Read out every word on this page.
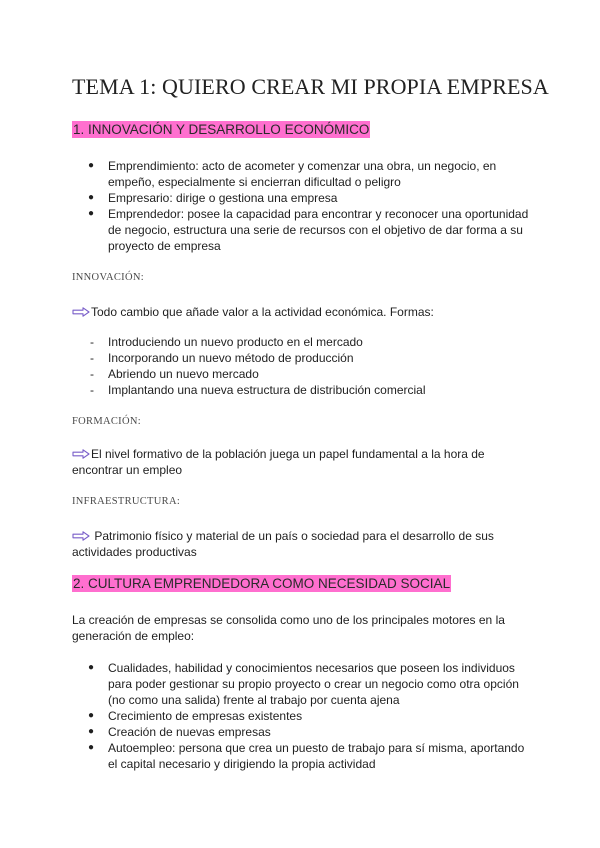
TEMA 1: QUIERO CREAR MI PROPIA EMPRESA
1. INNOVACIÓN Y DESARROLLO ECONÓMICO
● Emprendimiento: acto de acometer y comenzar una obra, un negocio, en empeño, especialmente si encierran dificultad o peligro
● Empresario: dirige o gestiona una empresa
● Emprendedor: posee la capacidad para encontrar y reconocer una oportunidad de negocio, estructura una serie de recursos con el objetivo de dar forma a su proyecto de empresa

INNOVACIÓN:

Todo cambio que añade valor a la actividad económica. Formas:

- Introduciendo un nuevo producto en el mercado
- Incorporando un nuevo método de producción
- Abriendo un nuevo mercado
- Implantando una nueva estructura de distribución comercial

FORMACIÓN:

El nivel formativo de la población juega un papel fundamental a la hora de encontrar un empleo

INFRAESTRUCTURA:

Patrimonio físico y material de un país o sociedad para el desarrollo de sus actividades productivas

2. CULTURA EMPRENDEDORA COMO NECESIDAD SOCIAL

La creación de empresas se consolida como uno de los principales motores en la generación de empleo:

● Cualidades, habilidad y conocimientos necesarios que poseen los individuos para poder gestionar su propio proyecto o crear un negocio como otra opción (no como una salida) frente al trabajo por cuenta ajena
● Crecimiento de empresas existentes
● Creación de nuevas empresas
● Autoempleo: persona que crea un puesto de trabajo para sí misma, aportando el capital necesario y dirigiendo la propia actividad
